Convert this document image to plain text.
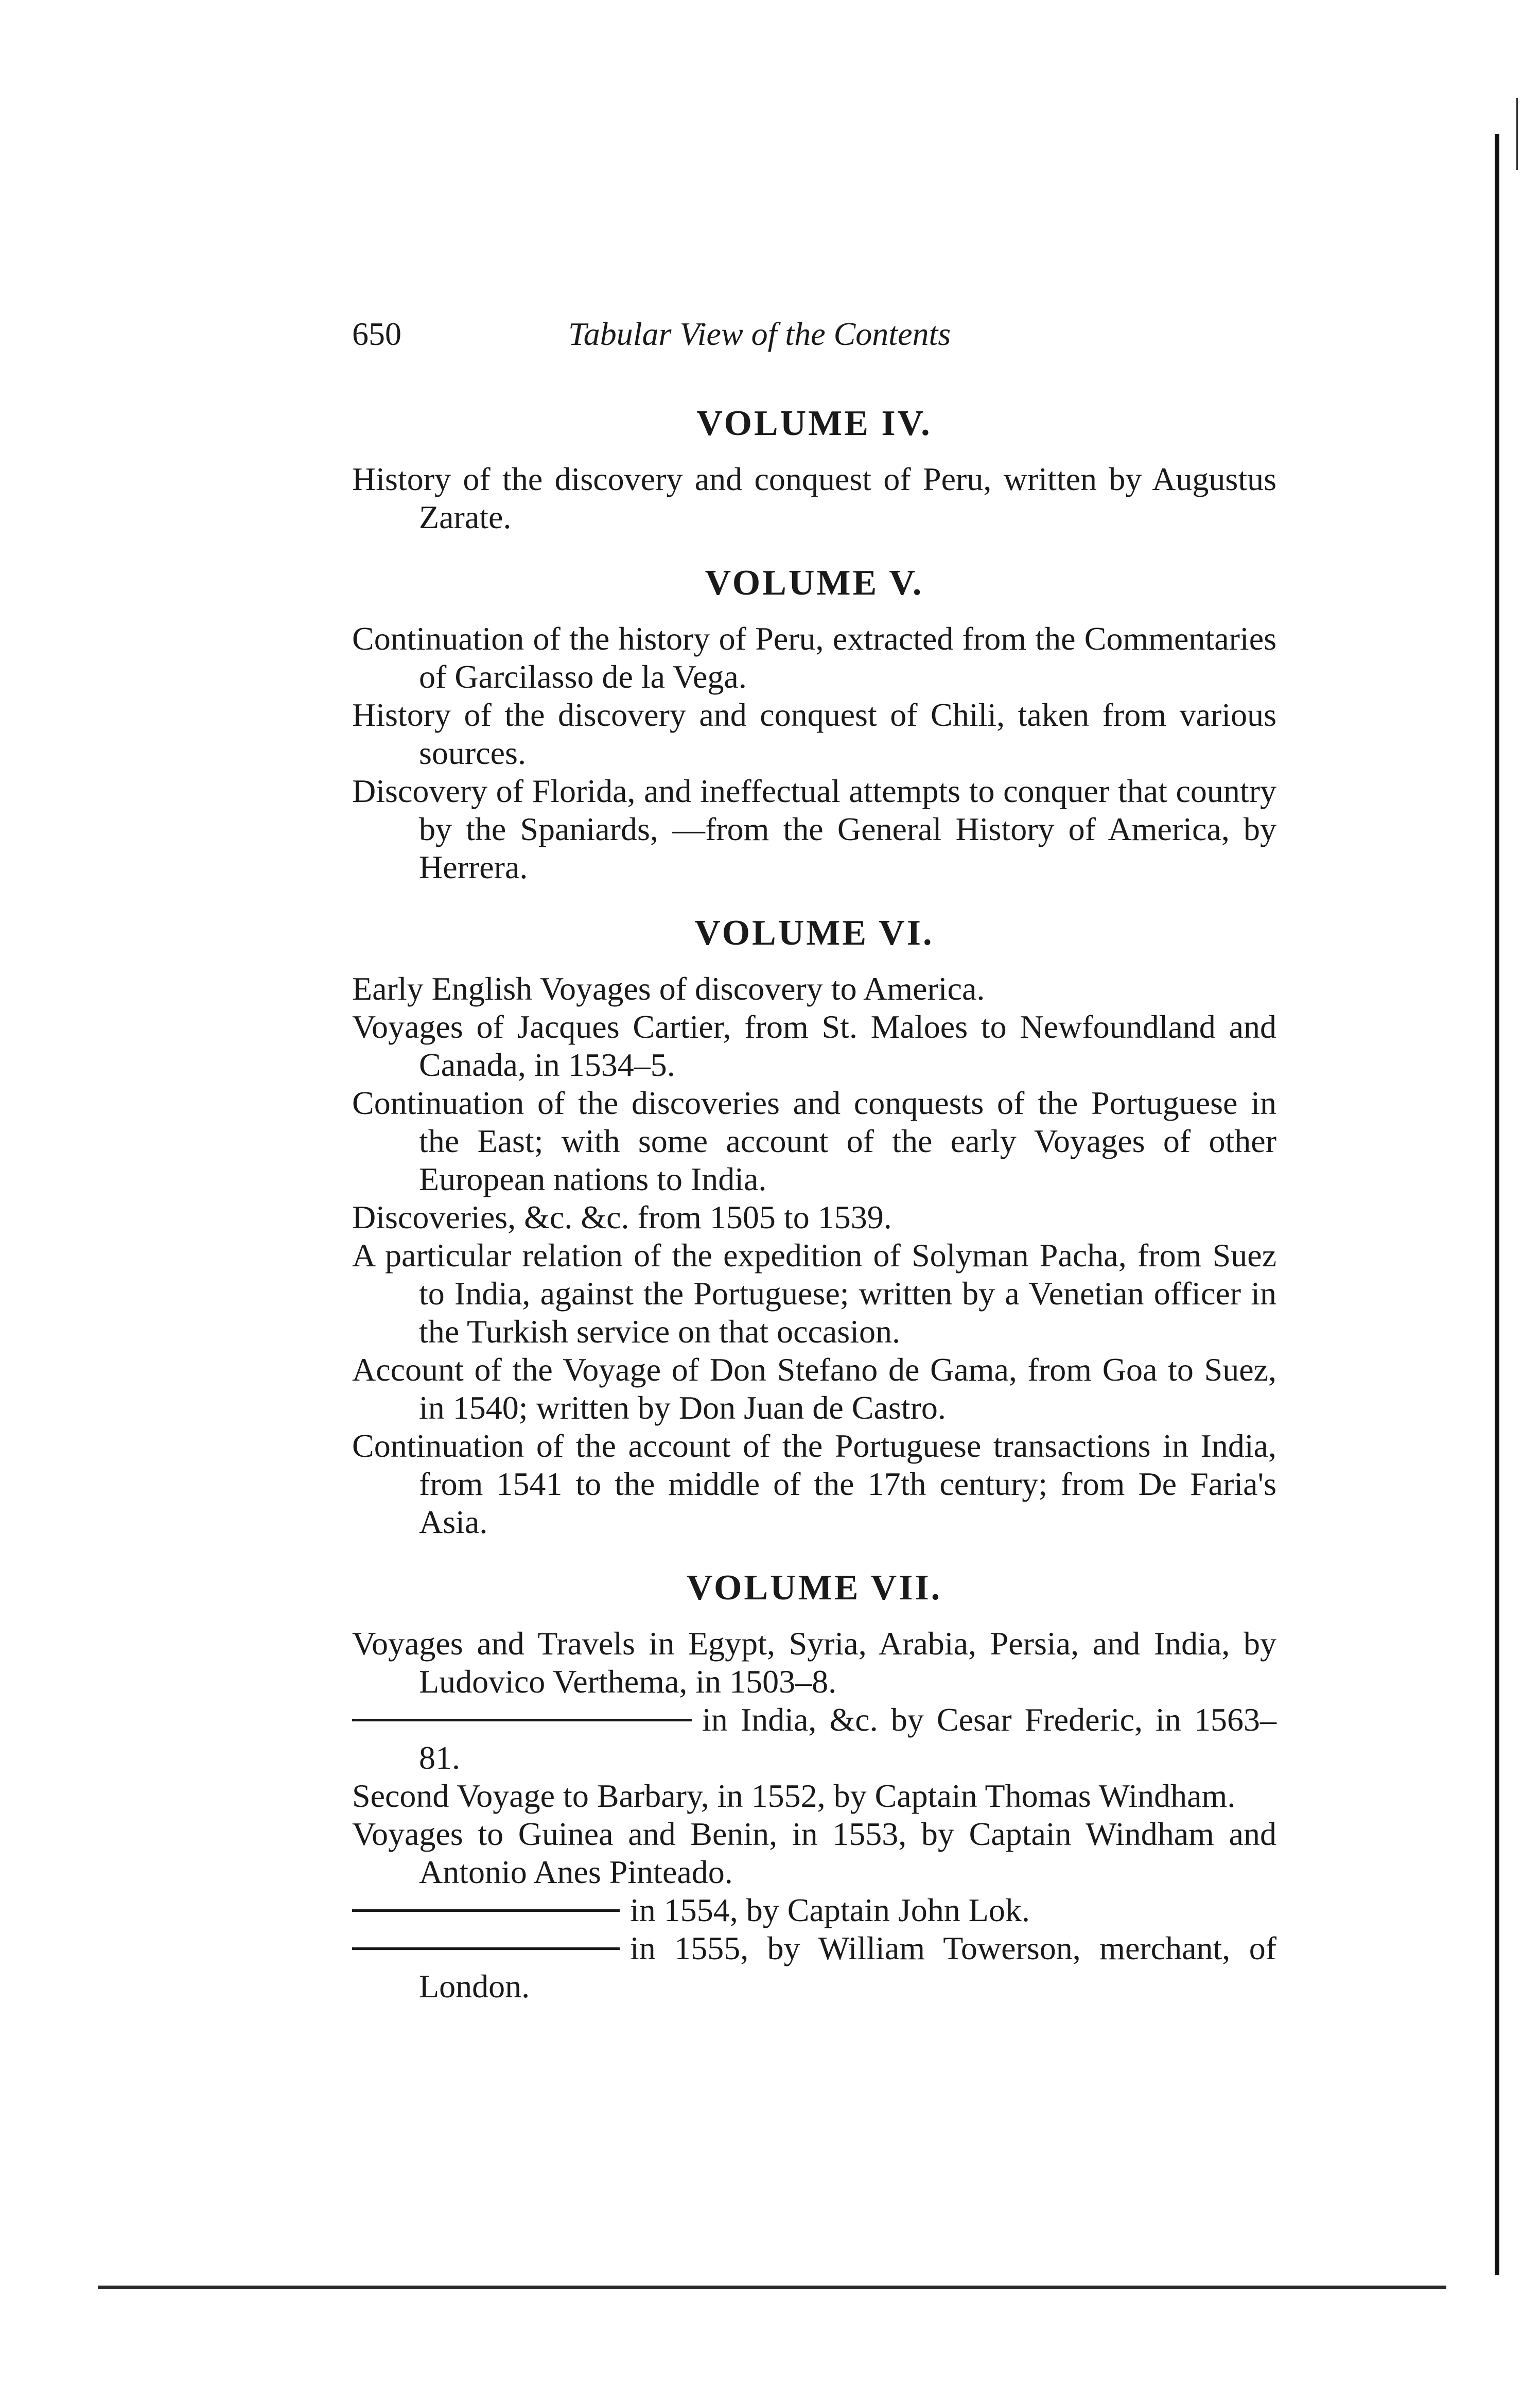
650	Tabular View of the Contents
VOLUME IV.
History of the discovery and conquest of Peru, written by Augustus Zarate.
VOLUME V.
Continuation of the history of Peru, extracted from the Commentaries of Garcilasso de la Vega.
History of the discovery and conquest of Chili, taken from various sources.
Discovery of Florida, and ineffectual attempts to conquer that country by the Spaniards, —from the General History of America, by Herrera.
VOLUME VI.
Early English Voyages of discovery to America.
Voyages of Jacques Cartier, from St. Maloes to Newfoundland and Canada, in 1534–5.
Continuation of the discoveries and conquests of the Portuguese in the East; with some account of the early Voyages of other European nations to India.
Discoveries, &c. &c. from 1505 to 1539.
A particular relation of the expedition of Solyman Pacha, from Suez to India, against the Portuguese; written by a Venetian officer in the Turkish service on that occasion.
Account of the Voyage of Don Stefano de Gama, from Goa to Suez, in 1540; written by Don Juan de Castro.
Continuation of the account of the Portuguese transactions in India, from 1541 to the middle of the 17th century; from De Faria's Asia.
VOLUME VII.
Voyages and Travels in Egypt, Syria, Arabia, Persia, and India, by Ludovico Verthema, in 1503–8.
in India, &c. by Cesar Frederic, in 1563–81.
Second Voyage to Barbary, in 1552, by Captain Thomas Windham.
Voyages to Guinea and Benin, in 1553, by Captain Windham and Antonio Anes Pinteado.
in 1554, by Captain John Lok.
in 1555, by William Towerson, merchant, of London.
